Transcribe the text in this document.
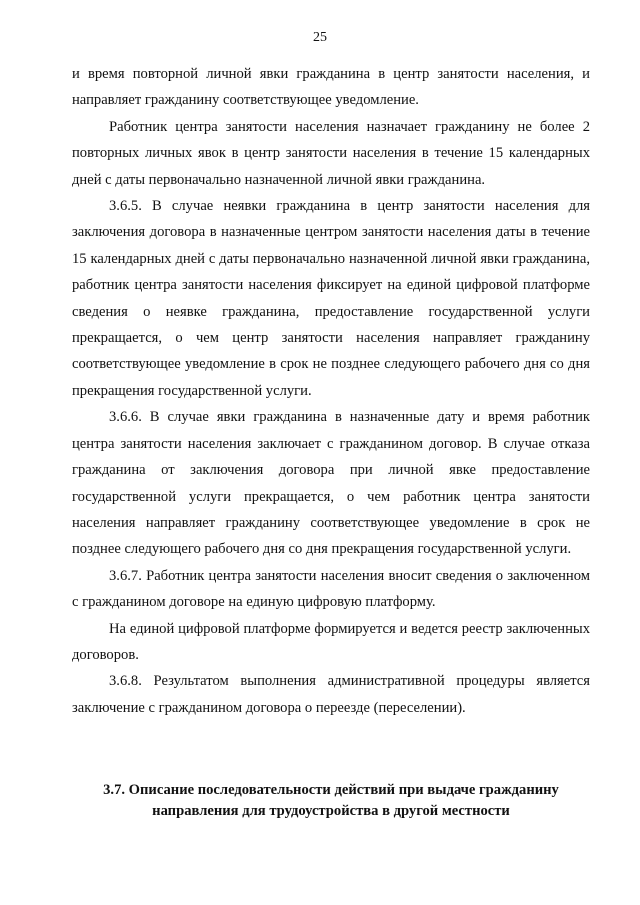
25

и время повторной личной явки гражданина в центр занятости населения, и направляет гражданину соответствующее уведомление.

Работник центра занятости населения назначает гражданину не более 2 повторных личных явок в центр занятости населения в течение 15 календарных дней с даты первоначально назначенной личной явки гражданина.

3.6.5. В случае неявки гражданина в центр занятости населения для заключения договора в назначенные центром занятости населения даты в течение 15 календарных дней с даты первоначально назначенной личной явки гражданина, работник центра занятости населения фиксирует на единой цифровой платформе сведения о неявке гражданина, предоставление государственной услуги прекращается, о чем центр занятости населения направляет гражданину соответствующее уведомление в срок не позднее следующего рабочего дня со дня прекращения государственной услуги.

3.6.6. В случае явки гражданина в назначенные дату и время работник центра занятости населения заключает с гражданином договор. В случае отказа гражданина от заключения договора при личной явке предоставление государственной услуги прекращается, о чем работник центра занятости населения направляет гражданину соответствующее уведомление в срок не позднее следующего рабочего дня со дня прекращения государственной услуги.

3.6.7. Работник центра занятости населения вносит сведения о заключенном с гражданином договоре на единую цифровую платформу.

На единой цифровой платформе формируется и ведется реестр заключенных договоров.

3.6.8. Результатом выполнения административной процедуры является заключение с гражданином договора о переезде (переселении).

3.7. Описание последовательности действий при выдаче гражданину
направления для трудоустройства в другой местности
